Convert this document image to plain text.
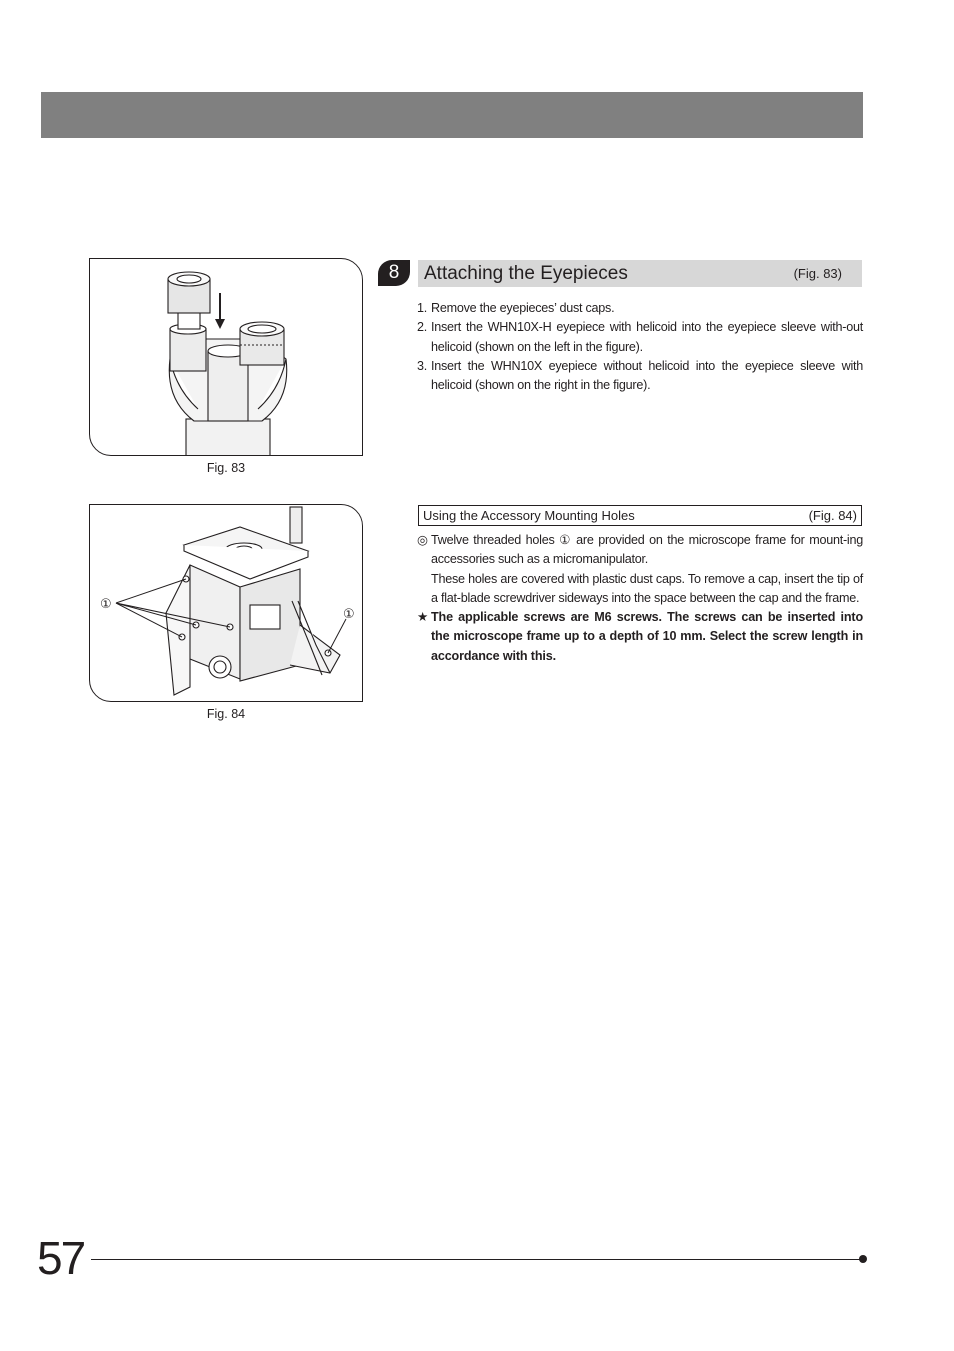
Fig. 83
①
①
Fig. 84
8	Attaching the Eyepieces	(Fig. 83)
1. Remove the eyepieces’ dust caps.
2. Insert the WHN10X-H eyepiece with helicoid into the eyepiece sleeve with-out helicoid (shown on the left in the figure).
3. Insert the WHN10X eyepiece without helicoid into the eyepiece sleeve with helicoid (shown on the right in the figure).
Using the Accessory Mounting Holes	(Fig. 84)
◎ Twelve threaded holes ① are provided on the microscope frame for mount-ing accessories such as a micromanipulator.
These holes are covered with plastic dust caps. To remove a cap, insert the tip of a flat-blade screwdriver sideways into the space between the cap and the frame.
★ The applicable screws are M6 screws. The screws can be inserted into the microscope frame up to a depth of 10 mm. Select the screw length in accordance with this.
57
